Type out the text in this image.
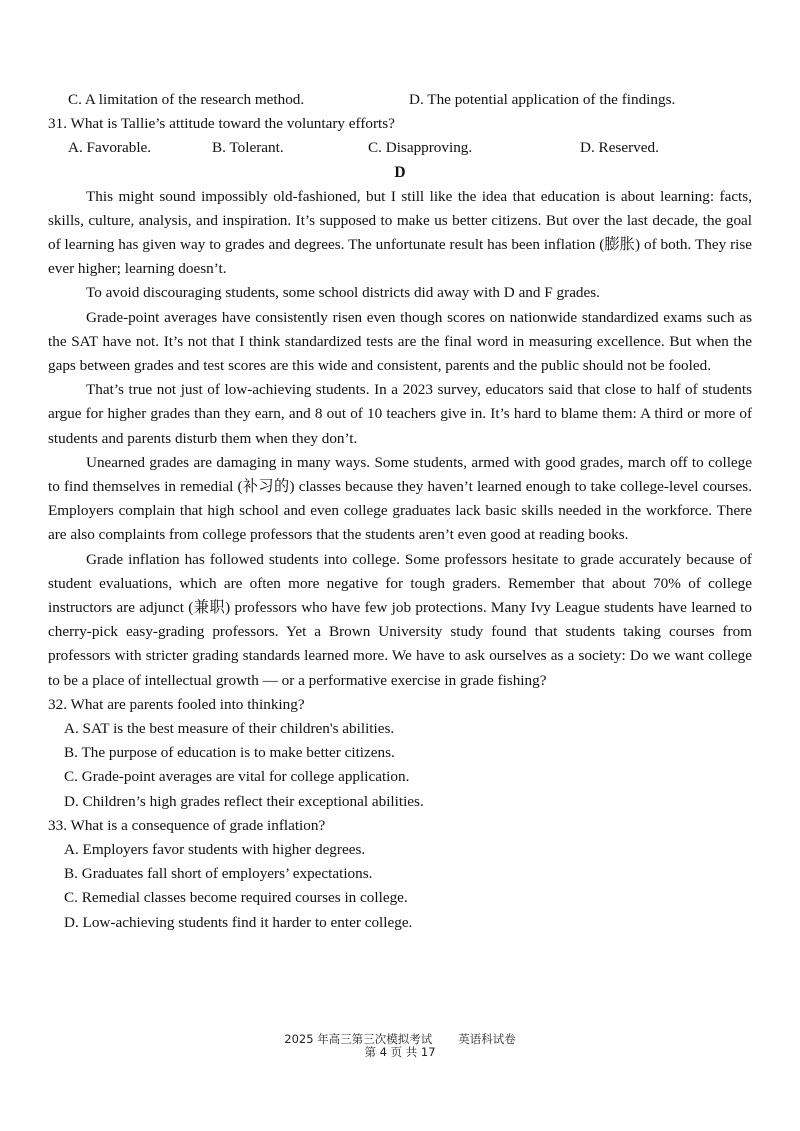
C. A limitation of the research method.	D. The potential application of the findings.
31. What is Tallie’s attitude toward the voluntary efforts?
A. Favorable.	B. Tolerant.	C. Disapproving.	D. Reserved.
D

This might sound impossibly old-fashioned, but I still like the idea that education is about learning: facts, skills, culture, analysis, and inspiration. It’s supposed to make us better citizens. But over the last decade, the goal of learning has given way to grades and degrees. The unfortunate result has been inflation (膨胀) of both. They rise ever higher; learning doesn’t.

To avoid discouraging students, some school districts did away with D and F grades.

Grade-point averages have consistently risen even though scores on nationwide standardized exams such as the SAT have not. It’s not that I think standardized tests are the final word in measuring excellence. But when the gaps between grades and test scores are this wide and consistent, parents and the public should not be fooled.

That’s true not just of low-achieving students. In a 2023 survey, educators said that close to half of students argue for higher grades than they earn, and 8 out of 10 teachers give in. It’s hard to blame them: A third or more of students and parents disturb them when they don’t.

Unearned grades are damaging in many ways. Some students, armed with good grades, march off to college to find themselves in remedial (补习的) classes because they haven’t learned enough to take college-level courses. Employers complain that high school and even college graduates lack basic skills needed in the workforce. There are also complaints from college professors that the students aren’t even good at reading books.

Grade inflation has followed students into college. Some professors hesitate to grade accurately because of student evaluations, which are often more negative for tough graders. Remember that about 70% of college instructors are adjunct (兼职) professors who have few job protections. Many Ivy League students have learned to cherry-pick easy-grading professors. Yet a Brown University study found that students taking courses from professors with stricter grading standards learned more. We have to ask ourselves as a society: Do we want college to be a place of intellectual growth — or a performative exercise in grade fishing?

32. What are parents fooled into thinking?
A. SAT is the best measure of their children's abilities.
B. The purpose of education is to make better citizens.
C. Grade-point averages are vital for college application.
D. Children’s high grades reflect their exceptional abilities.
33. What is a consequence of grade inflation?
A. Employers favor students with higher degrees.
B. Graduates fall short of employers’ expectations.
C. Remedial classes become required courses in college.
D. Low-achieving students find it harder to enter college.
2025 年高三第三次模拟考试 英语科试卷
第 4 页 共 17
